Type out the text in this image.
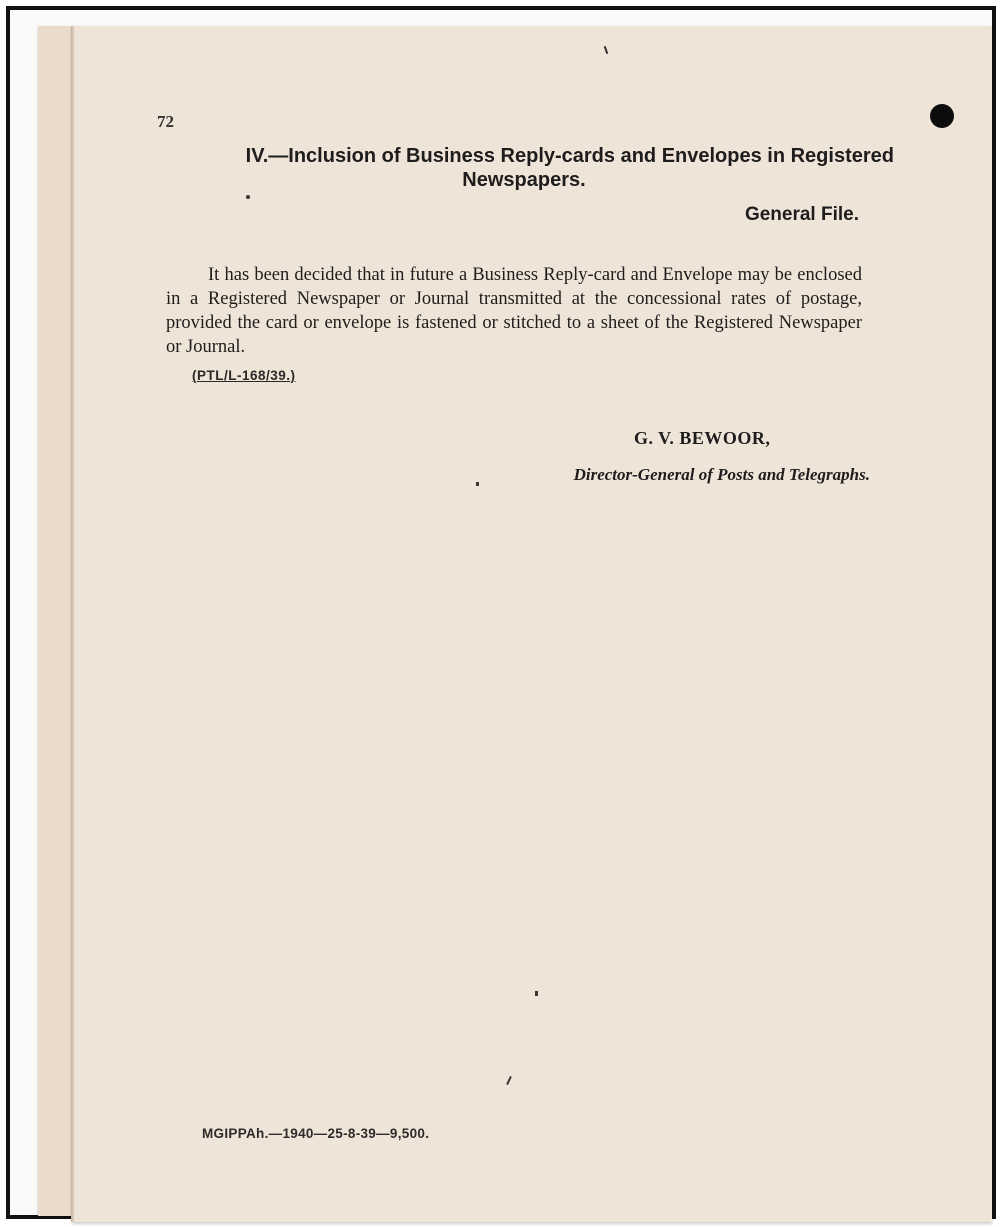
72
IV.—Inclusion of Business Reply-cards and Envelopes in Registered
Newspapers.
General File.
It has been decided that in future a Business Reply-card and Envelope may be enclosed in a Registered Newspaper or Journal transmitted at the concessional rates of postage, provided the card or envelope is fastened or stitched to a sheet of the Registered Newspaper or Journal.
(PTL/L-168/39.)
G. V. BEWOOR,
Director-General of Posts and Telegraphs.
MGIPPAh.—1940—25-8-39—9,500.
